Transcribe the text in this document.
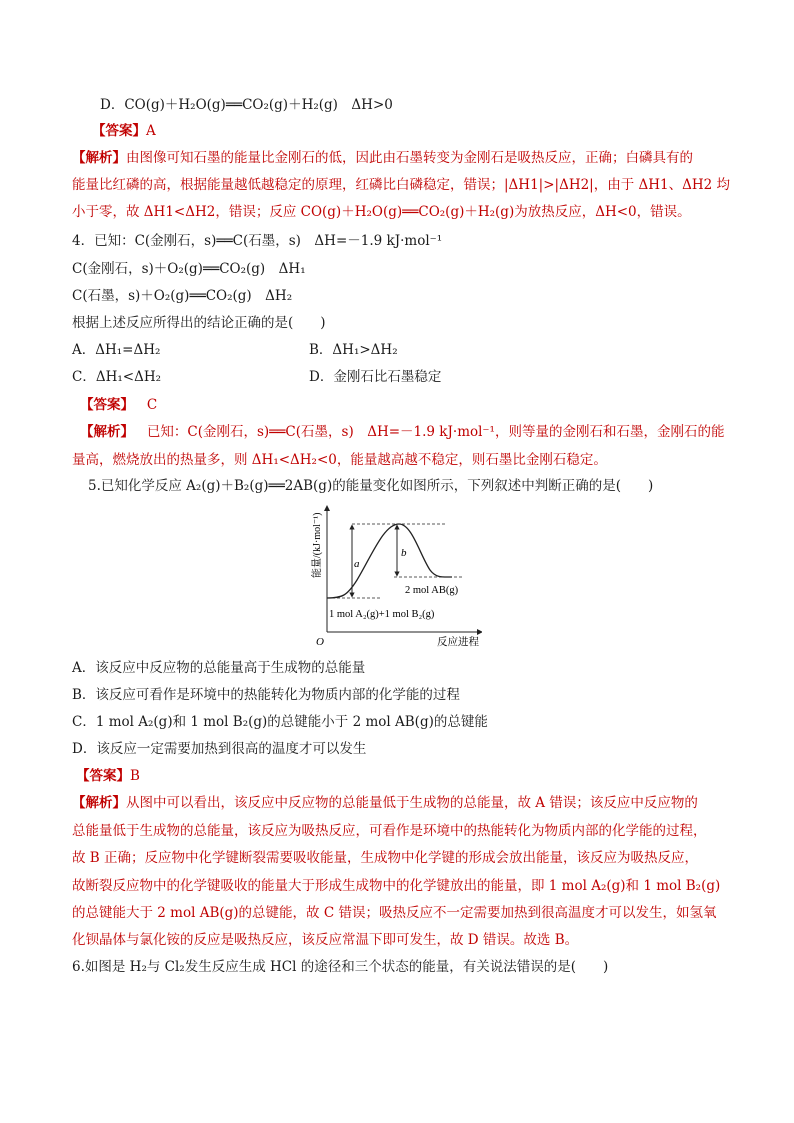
D．CO(g)＋H₂O(g)══CO₂(g)＋H₂(g)　ΔH>0
【答案】A
【解析】由图像可知石墨的能量比金刚石的低，因此由石墨转变为金刚石是吸热反应，正确；白磷具有的
能量比红磷的高，根据能量越低越稳定的原理，红磷比白磷稳定，错误；|ΔH1|>|ΔH2|，由于 ΔH1、ΔH2 均
小于零，故 ΔH1<ΔH2，错误；反应 CO(g)＋H₂O(g)══CO₂(g)＋H₂(g)为放热反应，ΔH<0，错误。
4．已知：C(金刚石，s)══C(石墨，s)　ΔH=－1.9 kJ·mol⁻¹
C(金刚石，s)＋O₂(g)══CO₂(g)　ΔH₁
C(石墨，s)＋O₂(g)══CO₂(g)　ΔH₂
根据上述反应所得出的结论正确的是(　　)
A．ΔH₁=ΔH₂	B．ΔH₁>ΔH₂
C．ΔH₁<ΔH₂	D．金刚石比石墨稳定
【答案】 C
【解析】 已知：C(金刚石，s)══C(石墨，s)　ΔH=－1.9 kJ·mol⁻¹，则等量的金刚石和石墨，金刚石的能
量高，燃烧放出的热量多，则 ΔH₁<ΔH₂<0，能量越高越不稳定，则石墨比金刚石稳定。
5.已知化学反应 A₂(g)＋B₂(g)══2AB(g)的能量变化如图所示，下列叙述中判断正确的是(　　)
a
b
2 mol AB(g)
1 mol A₂(g)+1 mol B₂(g)
O	反应进程
能量/(kJ·mol⁻¹)
A．该反应中反应物的总能量高于生成物的总能量
B．该反应可看作是环境中的热能转化为物质内部的化学能的过程
C．1 mol A₂(g)和 1 mol B₂(g)的总键能小于 2 mol AB(g)的总键能
D．该反应一定需要加热到很高的温度才可以发生
【答案】B
【解析】从图中可以看出，该反应中反应物的总能量低于生成物的总能量，故 A 错误；该反应中反应物的
总能量低于生成物的总能量，该反应为吸热反应，可看作是环境中的热能转化为物质内部的化学能的过程，
故 B 正确；反应物中化学键断裂需要吸收能量，生成物中化学键的形成会放出能量，该反应为吸热反应，
故断裂反应物中的化学键吸收的能量大于形成生成物中的化学键放出的能量，即 1 mol A₂(g)和 1 mol B₂(g)
的总键能大于 2 mol AB(g)的总键能，故 C 错误；吸热反应不一定需要加热到很高温度才可以发生，如氢氧
化钡晶体与氯化铵的反应是吸热反应，该反应常温下即可发生，故 D 错误。故选 B。
6.如图是 H₂与 Cl₂发生反应生成 HCl 的途径和三个状态的能量，有关说法错误的是(　　)
